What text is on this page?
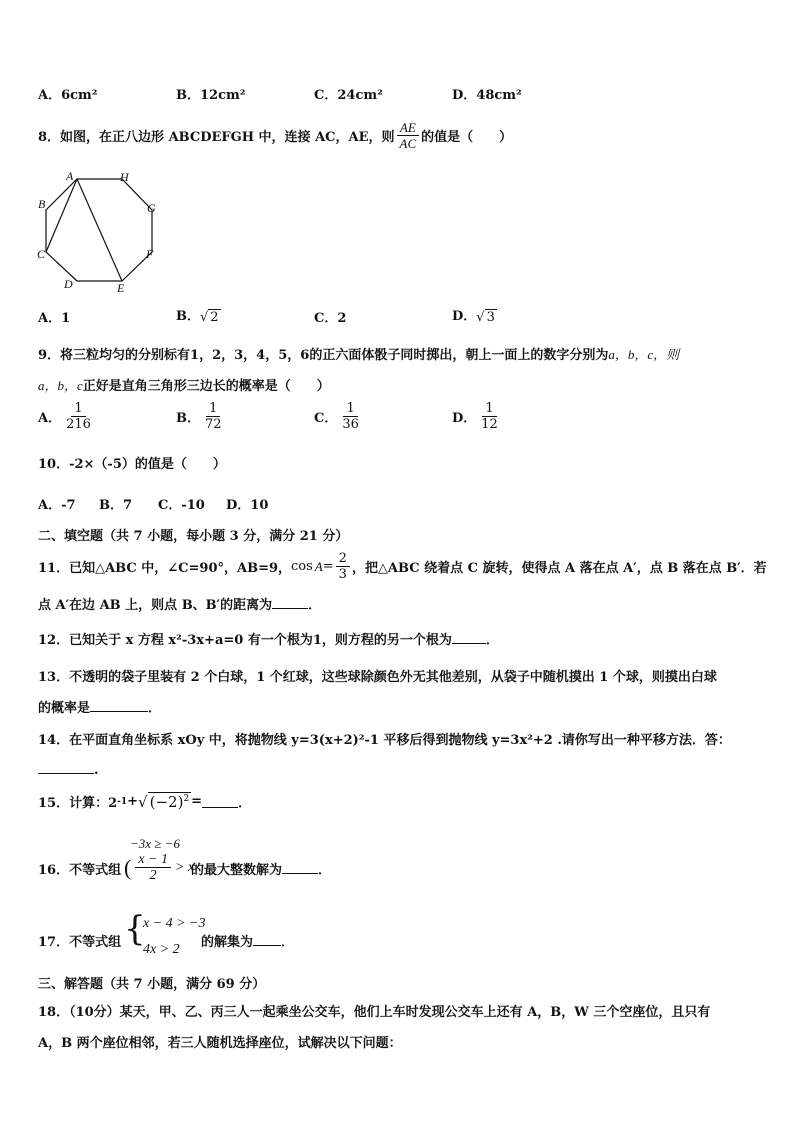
A．6cm²	B．12cm²	C．24cm²	D．48cm²
8．如图，在正八边形 ABCDEFGH 中，连接 AC，AE，则 $\frac{AE}{AC}$ 的值是（　　）
A	H
B	G
C	F
D	E
A．1	B．√ 2	C．2	D．√ 3
9．将三粒均匀的分别标有1，2，3，4，5，6的正六面体骰子同时掷出，朝上一面上的数字分别为a，b，c，则
a，b，c正好是直角三角形三边长的概率是（　　）
A． $\frac{1}{216}$	B． $\frac{1}{72}$	C． $\frac{1}{36}$	D． $\frac{1}{12}$
10．-2×（-5）的值是（　　）
A．-7 B．7 C．-10 D．10
二、填空题（共 7 小题，每小题 3 分，满分 21 分）
11．已知△ABC 中，∠C=90°，AB=9， $\cos A = \frac{2}{3}$ ，把△ABC 绕着点 C 旋转，使得点 A 落在点 A′，点 B 落在点 B′．若
点 A′在边 AB 上，则点 B、B′的距离为	．
12．已知关于 x 方程 x²-3x+a=0 有一个根为1，则方程的另一个根为	．
13．不透明的袋子里装有 2 个白球，1 个红球，这些球除颜色外无其他差别，从袋子中随机摸出 1 个球，则摸出白球
的概率是	．
14．在平面直角坐标系 xOy 中，将抛物线 y=3(x+2)²-1 平移后得到抛物线 y=3x²+2 .请你写出一种平移方法．答：
.
15．计算：2 -1 + √ $(-2)^2$ =	．
−3x ≥ −6
16．不等式组 ( $\frac{x - 1}{2} > x$
的最大整数解为	．
17．不等式组 {
x − 4 > −3
4x > 2 的解集为 ．
三、解答题（共 7 小题，满分 69 分）
18．（10分）某天，甲、乙、丙三人一起乘坐公交车，他们上车时发现公交车上还有 A，B，W 三个空座位，且只有
A，B 两个座位相邻，若三人随机选择座位，试解决以下问题：
